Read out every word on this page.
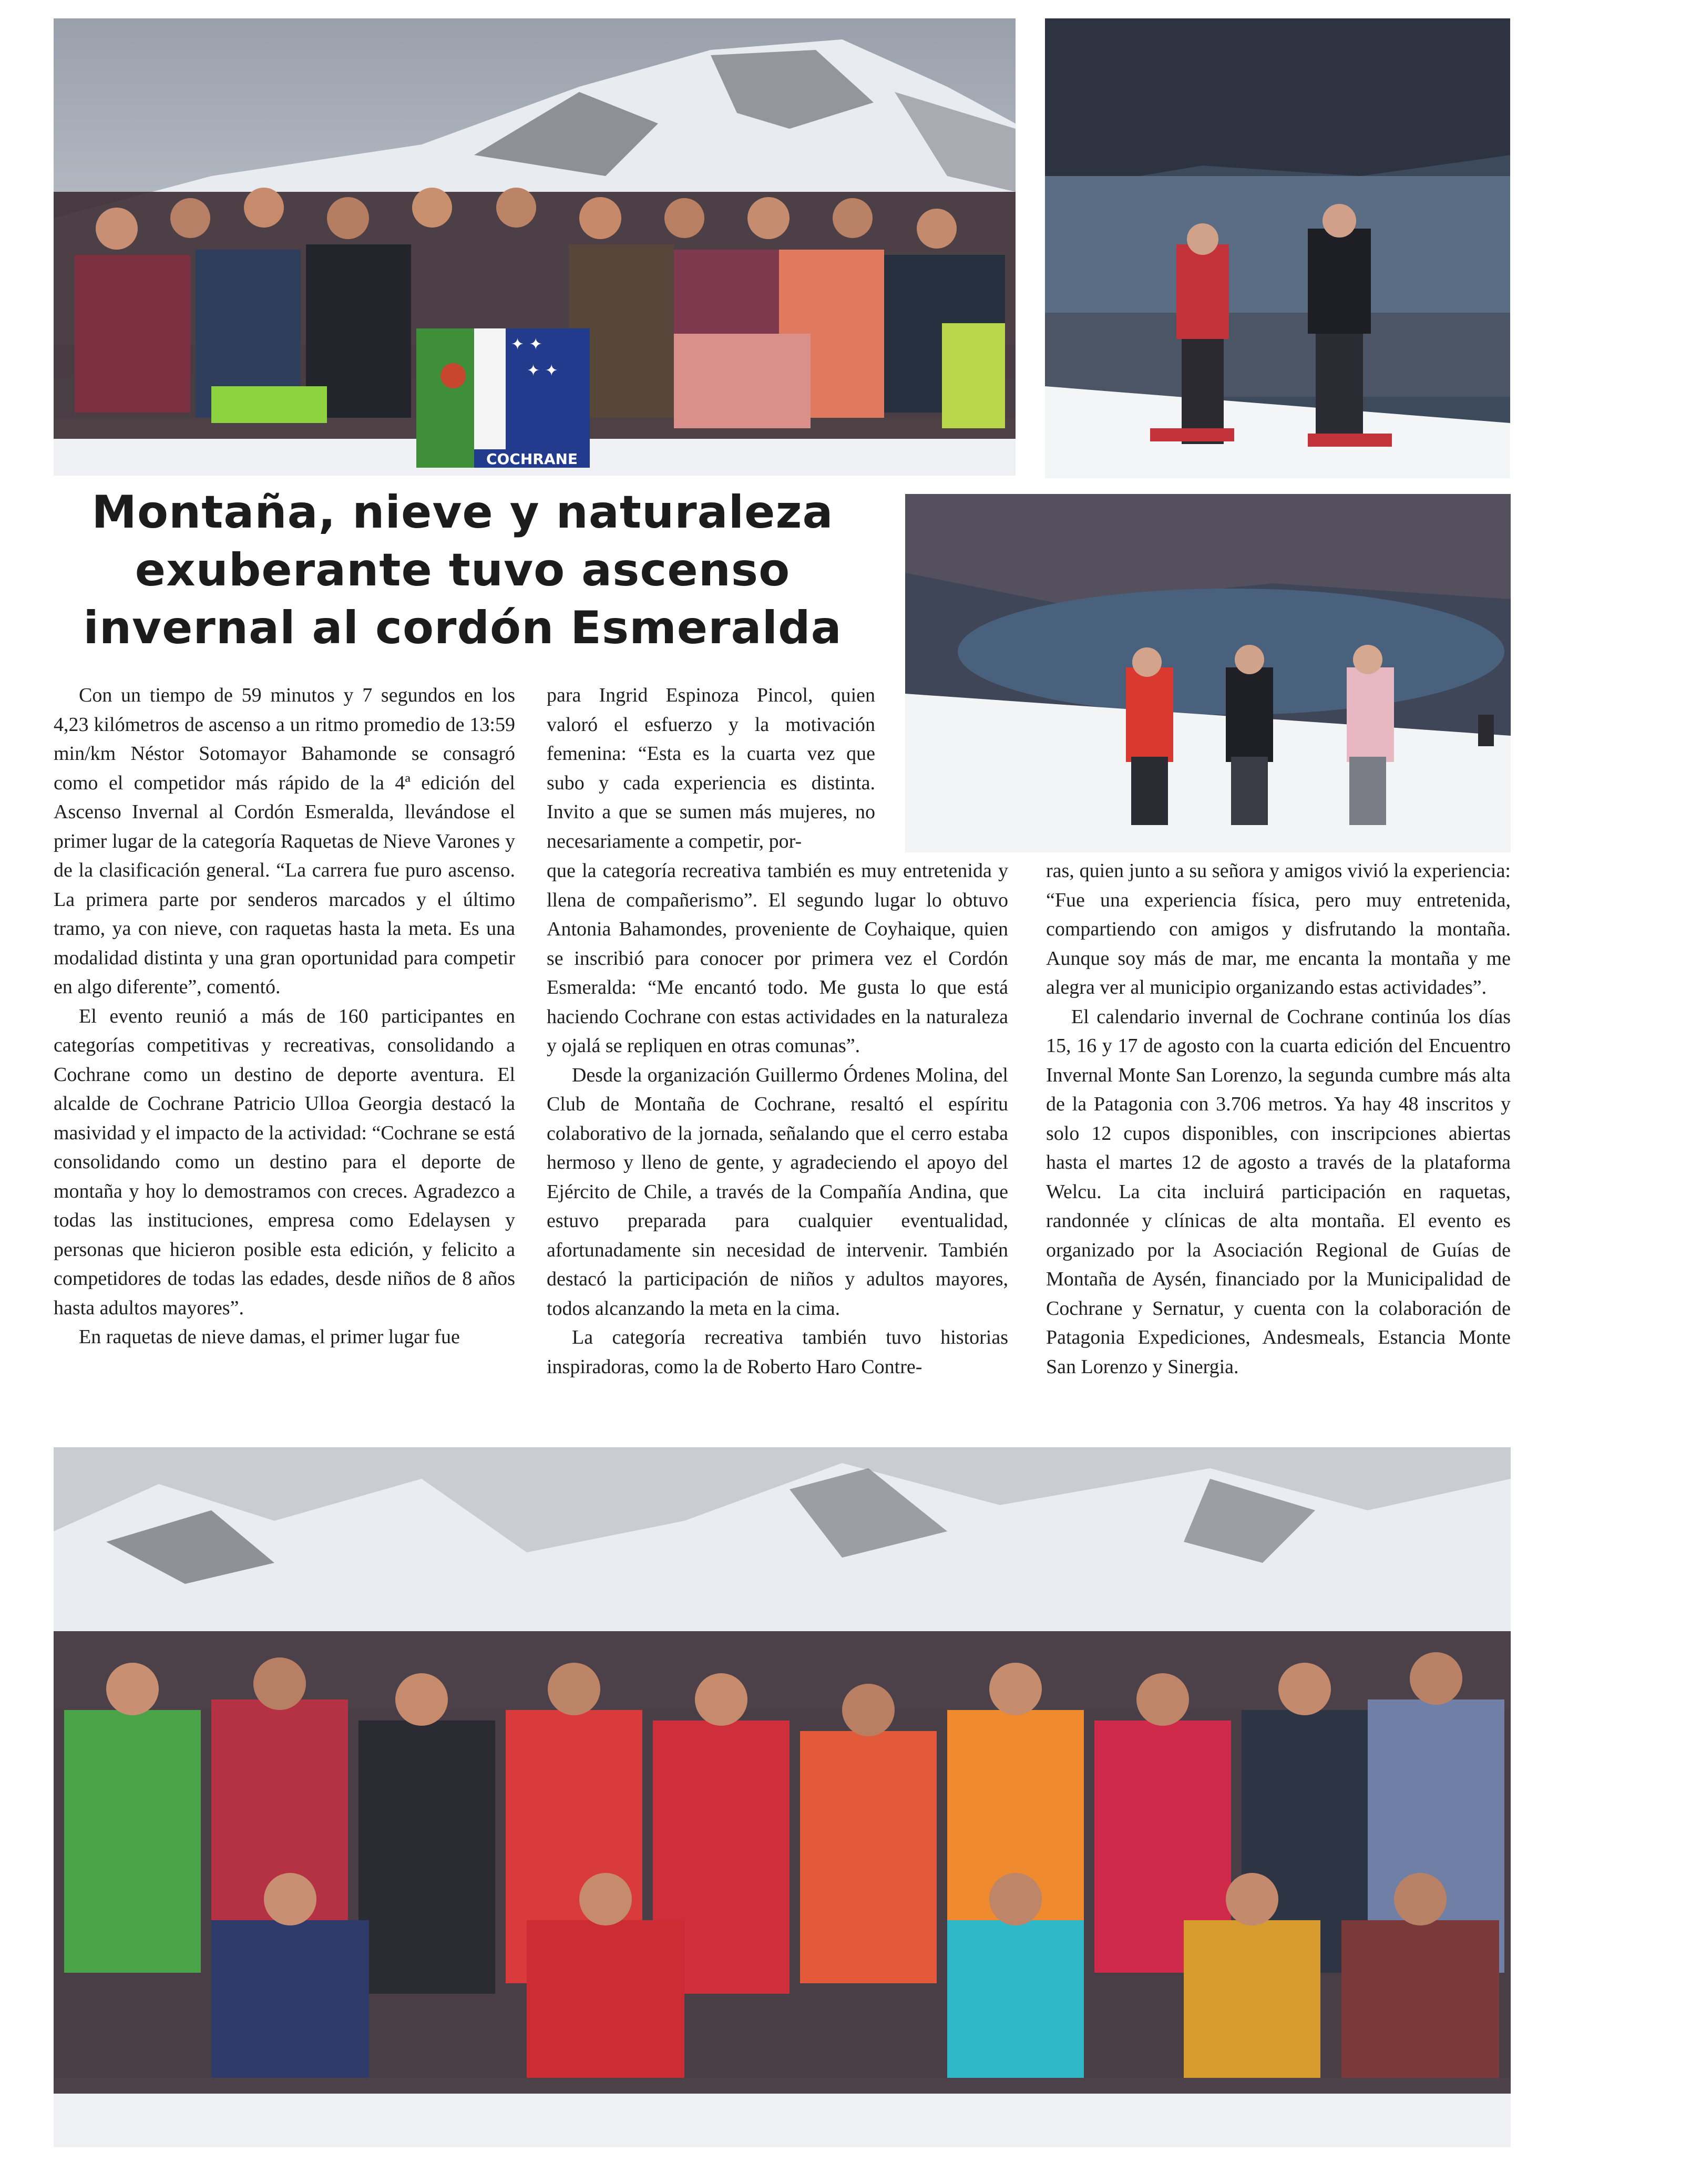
✦ ✦
✦ ✦
COCHRANE
Montaña, nieve y naturaleza exuberante tuvo ascenso invernal al cordón Esmeralda

Con un tiempo de 59 minutos y 7 segundos en los 4,23 kilómetros de ascenso a un ritmo promedio de 13:59 min/km Néstor Sotomayor Bahamonde se consagró como el competidor más rápido de la 4ª edición del Ascenso Invernal al Cordón Esmeralda, llevándose el primer lugar de la categoría Raquetas de Nieve Varones y de la clasificación general. “La carrera fue puro ascenso. La primera parte por senderos marcados y el último tramo, ya con nieve, con raquetas hasta la meta. Es una modalidad distinta y una gran oportunidad para competir en algo diferente”, comentó.

El evento reunió a más de 160 participantes en categorías competitivas y recreativas, consolidando a Cochrane como un destino de deporte aventura. El alcalde de Cochrane Patricio Ulloa Georgia destacó la masividad y el impacto de la actividad: “Cochrane se está consolidando como un destino para el deporte de montaña y hoy lo demostramos con creces. Agradezco a todas las instituciones, empresa como Edelaysen y personas que hicieron posible esta edición, y felicito a competidores de todas las edades, desde niños de 8 años hasta adultos mayores”.

En raquetas de nieve damas, el primer lugar fue

para Ingrid Espinoza Pincol, quien valoró el esfuerzo y la motivación femenina: “Esta es la cuarta vez que subo y cada experiencia es distinta. Invito a que se sumen más mujeres, no necesariamente a competir, por-

que la categoría recreativa también es muy entretenida y llena de compañerismo”. El segundo lugar lo obtuvo Antonia Bahamondes, proveniente de Coyhaique, quien se inscribió para conocer por primera vez el Cordón Esmeralda: “Me encantó todo. Me gusta lo que está haciendo Cochrane con estas actividades en la naturaleza y ojalá se repliquen en otras comunas”.

Desde la organización Guillermo Órdenes Molina, del Club de Montaña de Cochrane, resaltó el espíritu colaborativo de la jornada, señalando que el cerro estaba hermoso y lleno de gente, y agradeciendo el apoyo del Ejército de Chile, a través de la Compañía Andina, que estuvo preparada para cualquier eventualidad, afortunadamente sin necesidad de intervenir. También destacó la participación de niños y adultos mayores, todos alcanzando la meta en la cima.

La categoría recreativa también tuvo historias inspiradoras, como la de Roberto Haro Contre-

ras, quien junto a su señora y amigos vivió la experiencia: “Fue una experiencia física, pero muy entretenida, compartiendo con amigos y disfrutando la montaña. Aunque soy más de mar, me encanta la montaña y me alegra ver al municipio organizando estas actividades”.

El calendario invernal de Cochrane continúa los días 15, 16 y 17 de agosto con la cuarta edición del Encuentro Invernal Monte San Lorenzo, la segunda cumbre más alta de la Patagonia con 3.706 metros. Ya hay 48 inscritos y solo 12 cupos disponibles, con inscripciones abiertas hasta el martes 12 de agosto a través de la plataforma Welcu. La cita incluirá participación en raquetas, randonnée y clínicas de alta montaña. El evento es organizado por la Asociación Regional de Guías de Montaña de Aysén, financiado por la Municipalidad de Cochrane y Sernatur, y cuenta con la colaboración de Patagonia Expediciones, Andesmeals, Estancia Monte San Lorenzo y Sinergia.
